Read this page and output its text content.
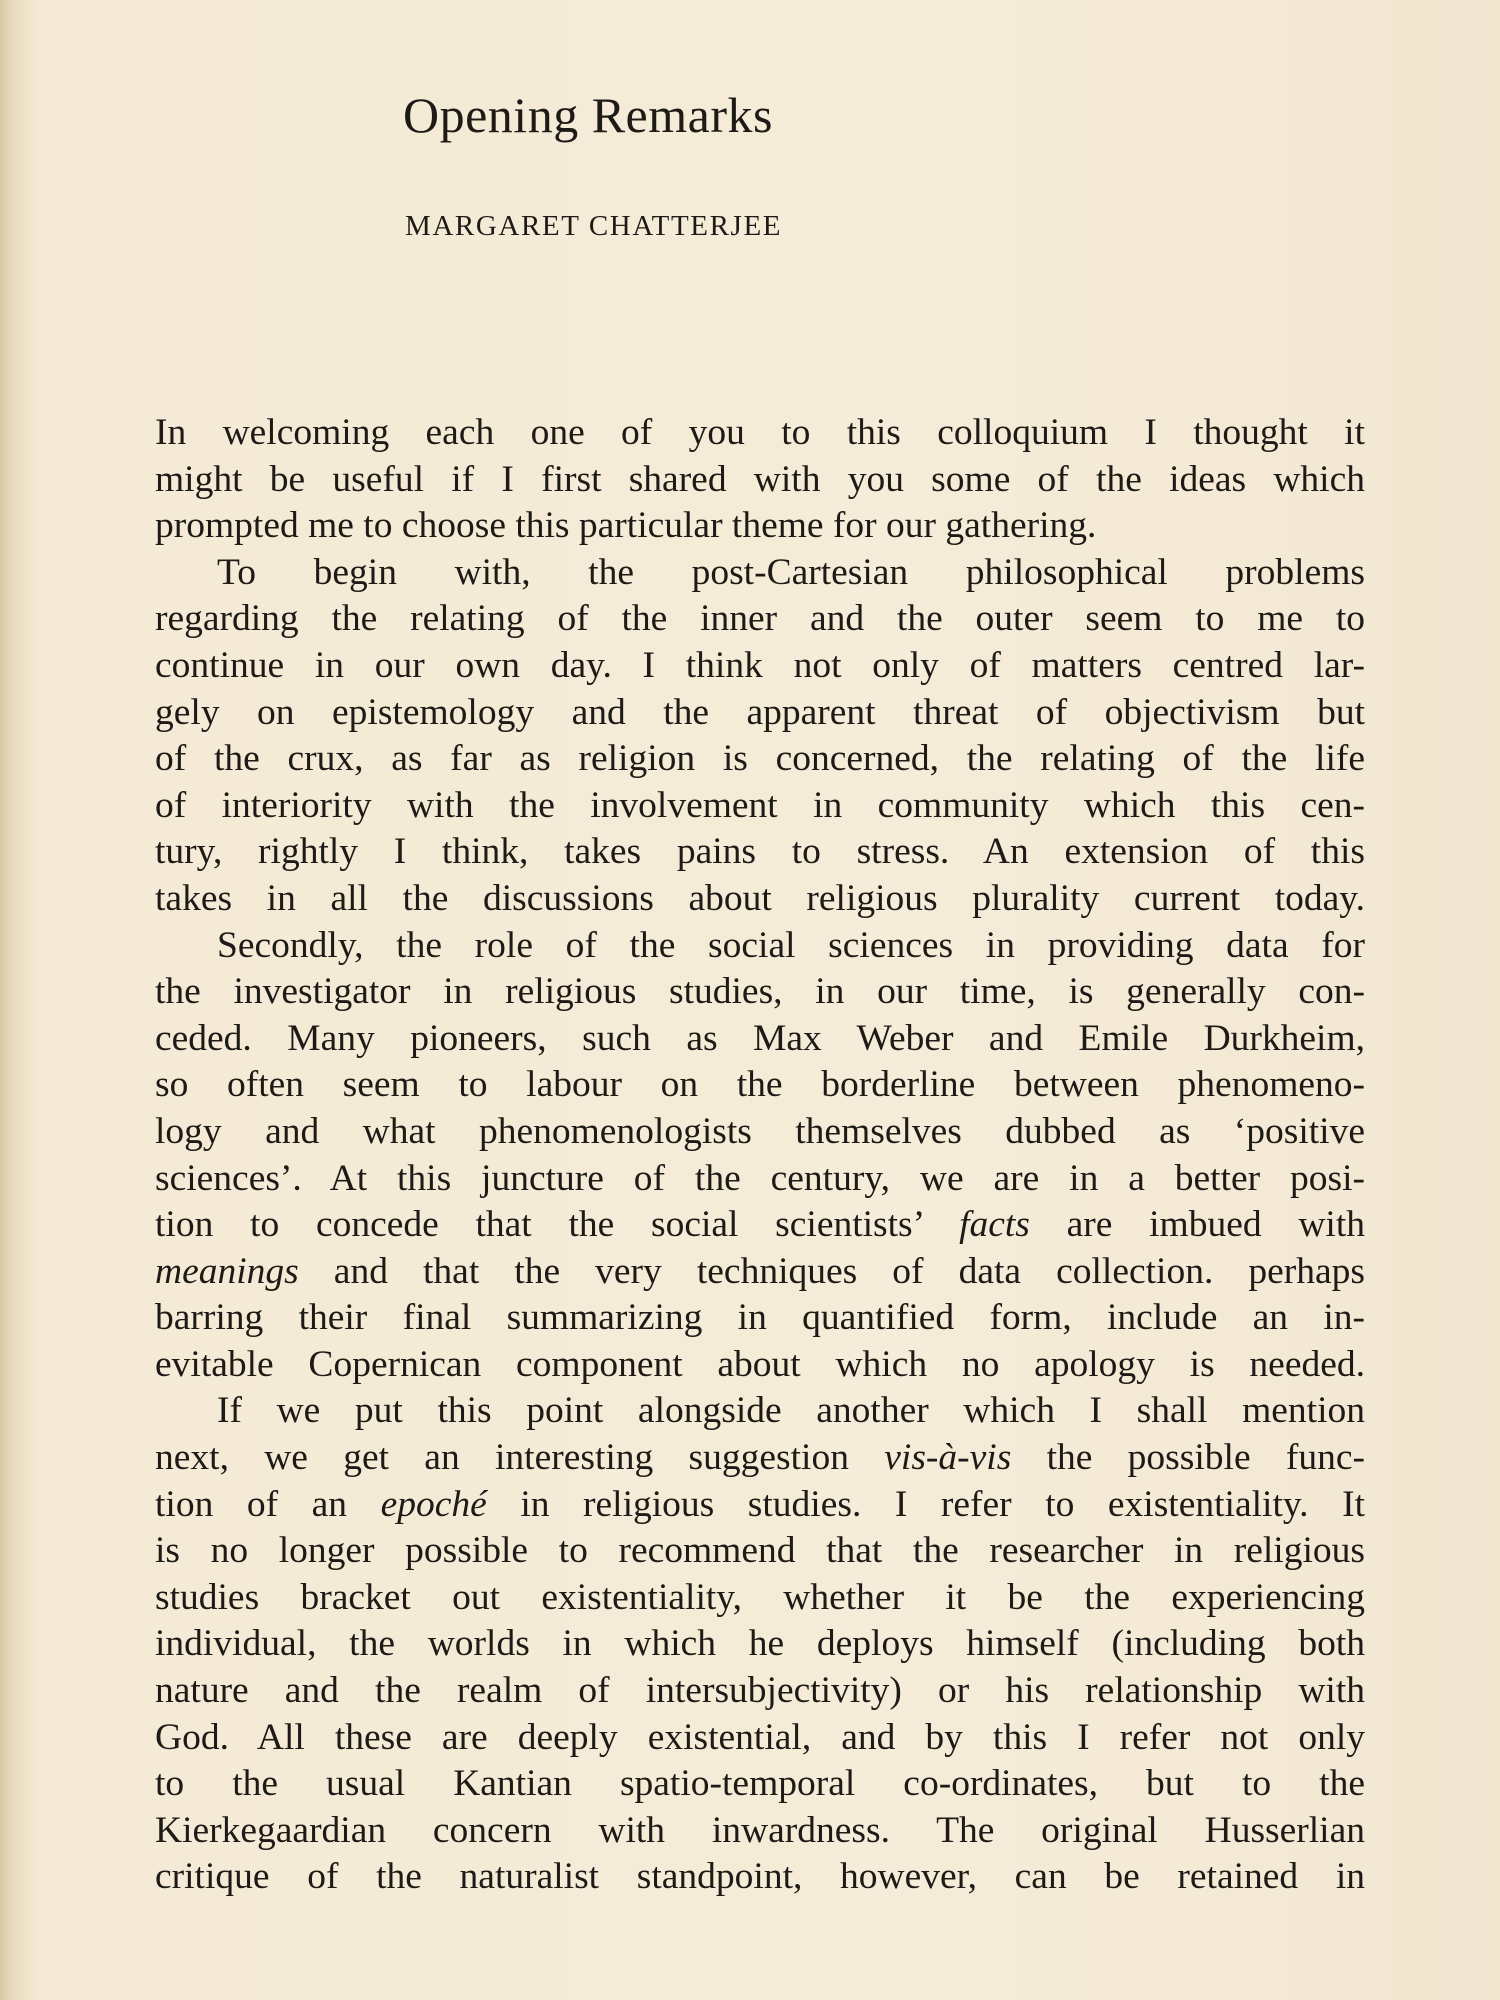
Opening Remarks
MARGARET CHATTERJEE
In welcoming each one of you to this colloquium I thought it
might be useful if I first shared with you some of the ideas which
prompted me to choose this particular theme for our gathering.
To begin with, the post-Cartesian philosophical problems
regarding the relating of the inner and the outer seem to me to
continue in our own day. I think not only of matters centred lar-
gely on epistemology and the apparent threat of objectivism but
of the crux, as far as religion is concerned, the relating of the life
of interiority with the involvement in community which this cen-
tury, rightly I think, takes pains to stress. An extension of this
takes in all the discussions about religious plurality current today.
Secondly, the role of the social sciences in providing data for
the investigator in religious studies, in our time, is generally con-
ceded. Many pioneers, such as Max Weber and Emile Durkheim,
so often seem to labour on the borderline between phenomeno-
logy and what phenomenologists themselves dubbed as ‘positive
sciences’. At this juncture of the century, we are in a better posi-
tion to concede that the social scientists’ facts are imbued with
meanings and that the very techniques of data collection. perhaps
barring their final summarizing in quantified form, include an in-
evitable Copernican component about which no apology is needed.
If we put this point alongside another which I shall mention
next, we get an interesting suggestion vis-à-vis the possible func-
tion of an epoché in religious studies. I refer to existentiality. It
is no longer possible to recommend that the researcher in religious
studies bracket out existentiality, whether it be the experiencing
individual, the worlds in which he deploys himself (including both
nature and the realm of intersubjectivity) or his relationship with
God. All these are deeply existential, and by this I refer not only
to the usual Kantian spatio-temporal co-ordinates, but to the
Kierkegaardian concern with inwardness. The original Husserlian
critique of the naturalist standpoint, however, can be retained in
